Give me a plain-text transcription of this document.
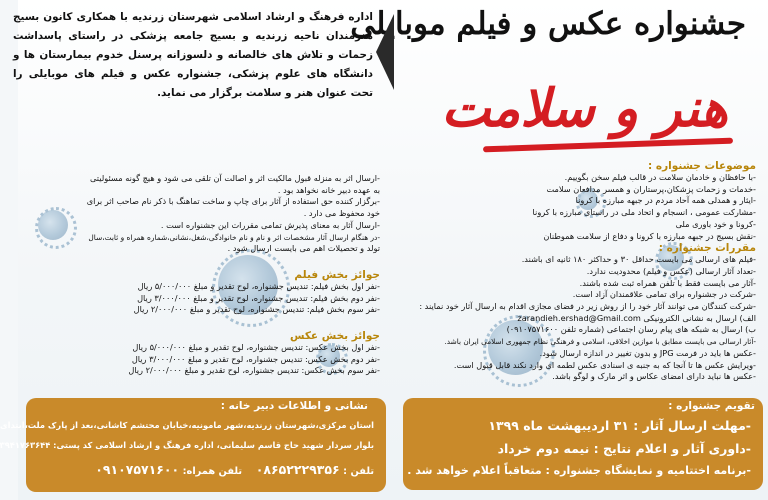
جشنواره عکس و فیلم موبایلی
هنر و سلامت
اداره فرهنگ و ارشاد اسلامی شهرستان زرندیه با همکاری کانون بسیج هنرمندان ناحیه زرندیه و بسیج جامعه پزشکی در راستای پاسداشت زحمات و تلاش های خالصانه و دلسوزانه پرسنل خدوم بیمارستان ها و دانشگاه های علوم پزشکی، جشنواره عکس و فیلم های موبایلی را تحت عنوان هنر و سلامت برگزار می نماید.
موضوعات جشنواره :
-با حافظان و خادمان سلامت در قالب فیلم سخن بگوییم.
-خدمات و زحمات پزشکان،پرستاران و همسر مدافعان سلامت
-ایثار و همدلی همه آحاد مردم در جبهه مبارزه با کرونا
-مشارکت عمومی ، انسجام و اتحاد ملی در راستای مبارزه با کرونا
-کرونا و خود باوری ملی
-نقش بسیج در جبهه مبارزه با کرونا و دفاع از سلامت هموطنان
مقررات جشنواره :
-فیلم های ارسالی می بایست حداقل ۳۰ و حداکثر ۱۸۰ ثانیه ای باشند.
-تعداد آثار ارسالی (عکس و فیلم) محدودیت ندارد.
-آثار می بایست فقط با تلفن همراه ثبت شده باشند.
-شرکت در جشنواره برای تمامی علاقمندان آزاد است.
-شرکت کنندگان می توانند آثار خود را از روش زیر در فضای مجازی اقدام به ارسال آثار خود نمایند :
الف) ارسال به نشانی الکترونیکی zarandieh.ershad@Gmail.com
ب) ارسال به شبکه های پیام رسان اجتماعی (شماره تلفن ۰۹۱۰۷۵۷۱۶۰۰)
-آثار ارسالی می بایست مطابق با موازین اخلاقی، اسلامی و فرهنگی نظام جمهوری اسلامی ایران باشد.
-عکس ها باید در فرمت JPG و بدون تغییر در اندازه ارسال شود.
-ویرایش عکس ها تا آنجا که به جنبه ی اسنادی عکس لطمه ای وارد نکند قابل قبول است.
-عکس ها نباید دارای امضای عکاس و اثر مارک و لوگو باشد.
-ارسال اثر به منزله قبول مالکیت اثر و اصالت آن تلقی می شود و هیچ گونه مسئولیتی
به عهده دبیر خانه نخواهد بود .
-برگزار کننده حق استفاده از آثار برای چاپ و ساخت تماهنگ با ذکر نام صاحب اثر برای
خود محفوظ می دارد .
-ارسال آثار به معنای پذیرش تمامی مقررات این جشنواره است .
-در هنگام ارسال آثار مشخصات اثر و نام و نام خانوادگی،شغل،نشانی،شماره همراه و ثابت،سال
تولد و تحصیلات اهم می بایست ارسال شود .
جوائز بخش فیلم
-نفر اول بخش فیلم: تندیس جشنواره، لوح تقدیر و مبلغ ۵/۰۰۰/۰۰۰ ریال
-نفر دوم بخش فیلم: تندیس جشنواره، لوح تقدیر و مبلغ ۳/۰۰۰/۰۰۰ ریال
-نفر سوم بخش فیلم: تندیس جشنواره، لوح تقدیر و مبلغ ۲/۰۰۰/۰۰۰ ریال
جوائز بخش عکس
-نفر اول بخش عکس: تندیس جشنواره، لوح تقدیر و مبلغ ۵/۰۰۰/۰۰۰ ریال
-نفر دوم بخش عکس: تندیس جشنواره، لوح تقدیر و مبلغ ۳/۰۰۰/۰۰۰ ریال
-نفر سوم بخش عکس: تندیس جشنواره، لوح تقدیر و مبلغ ۲/۰۰۰/۰۰۰ ریال
تقویم جشنواره :
-مهلت ارسال آثار : ۳۱ اردیبهشت ماه ۱۳۹۹
-داوری آثار و اعلام نتایج : نیمه دوم خرداد
-برنامه اختتامیه و نمایشگاه جشنواره : متعاقباً اعلام خواهد شد .
نشانی و اطلاعات دبیر خانه :
استان مرکزی،شهرستان زرندیه،شهر مامونیه،خیابان محتشم کاشانی،بعد از پارک ملت،ابتدای
بلوار سردار شهید حاج قاسم سلیمانی، اداره فرهنگ و ارشاد اسلامی کد پستی: ۳۹۴۱۷۶۳۶۴۴
تلفن : ۰۸۶۵۲۲۲۹۳۵۶    تلفن همراه: ۰۹۱۰۷۵۷۱۶۰۰
